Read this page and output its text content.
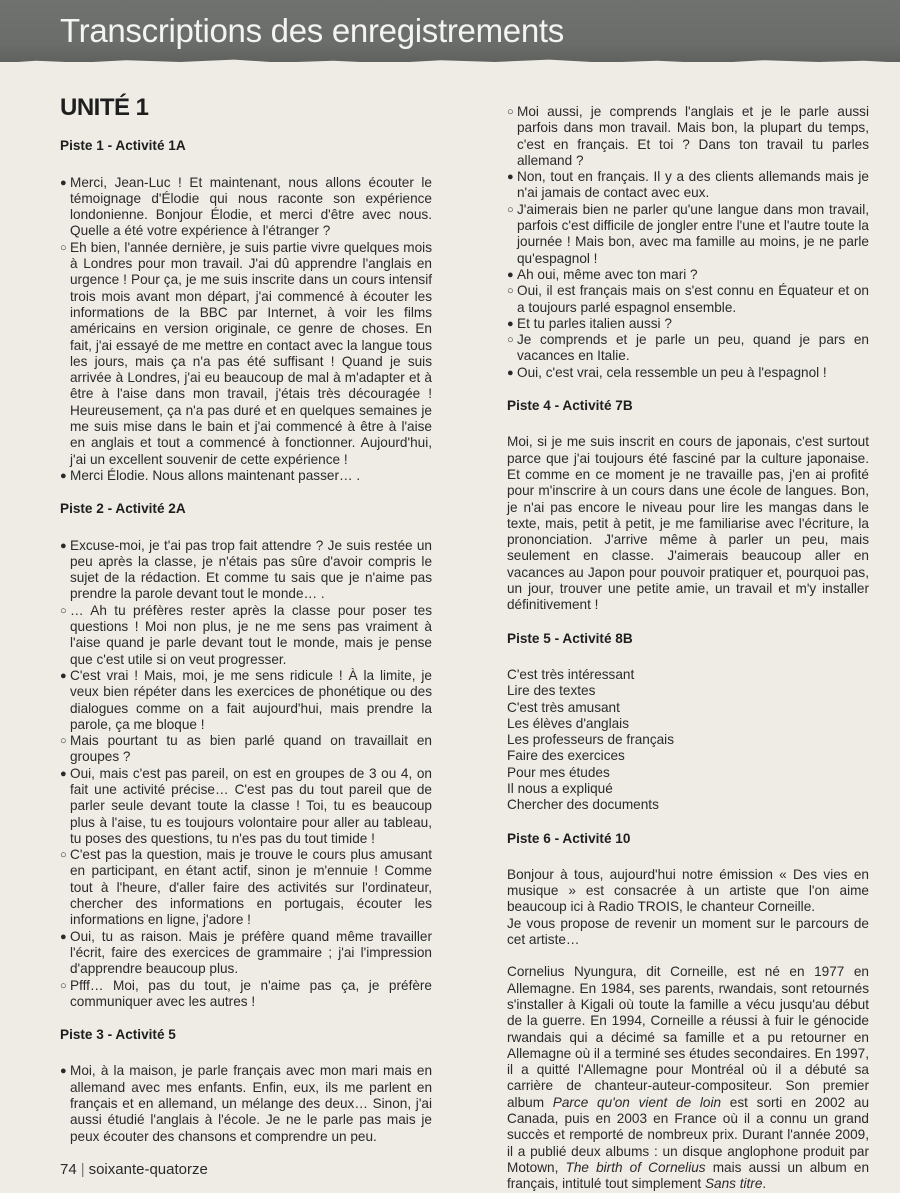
Transcriptions des enregistrements
UNITÉ 1
Piste 1 - Activité 1A
● Merci, Jean-Luc ! Et maintenant, nous allons écouter le témoignage d'Élodie qui nous raconte son expérience londonienne. Bonjour Élodie, et merci d'être avec nous. Quelle a été votre expérience à l'étranger ?
○ Eh bien, l'année dernière, je suis partie vivre quelques mois à Londres pour mon travail. J'ai dû apprendre l'anglais en urgence ! Pour ça, je me suis inscrite dans un cours intensif trois mois avant mon départ, j'ai commencé à écouter les informations de la BBC par Internet, à voir les films américains en version originale, ce genre de choses. En fait, j'ai essayé de me mettre en contact avec la langue tous les jours, mais ça n'a pas été suffisant ! Quand je suis arrivée à Londres, j'ai eu beaucoup de mal à m'adapter et à être à l'aise dans mon travail, j'étais très découragée ! Heureusement, ça n'a pas duré et en quelques semaines je me suis mise dans le bain et j'ai commencé à être à l'aise en anglais et tout a commencé à fonctionner. Aujourd'hui, j'ai un excellent souvenir de cette expérience !
● Merci Élodie. Nous allons maintenant passer… .
Piste 2 - Activité 2A
● Excuse-moi, je t'ai pas trop fait attendre ? Je suis restée un peu après la classe, je n'étais pas sûre d'avoir compris le sujet de la rédaction. Et comme tu sais que je n'aime pas prendre la parole devant tout le monde… .
○ … Ah tu préfères rester après la classe pour poser tes questions ! Moi non plus, je ne me sens pas vraiment à l'aise quand je parle devant tout le monde, mais je pense que c'est utile si on veut progresser.
● C'est vrai ! Mais, moi, je me sens ridicule ! À la limite, je veux bien répéter dans les exercices de phonétique ou des dialogues comme on a fait aujourd'hui, mais prendre la parole, ça me bloque !
○ Mais pourtant tu as bien parlé quand on travaillait en groupes ?
● Oui, mais c'est pas pareil, on est en groupes de 3 ou 4, on fait une activité précise… C'est pas du tout pareil que de parler seule devant toute la classe ! Toi, tu es beaucoup plus à l'aise, tu es toujours volontaire pour aller au tableau, tu poses des questions, tu n'es pas du tout timide !
○ C'est pas la question, mais je trouve le cours plus amusant en participant, en étant actif, sinon je m'ennuie ! Comme tout à l'heure, d'aller faire des activités sur l'ordinateur, chercher des informations en portugais, écouter les informations en ligne, j'adore !
● Oui, tu as raison. Mais je préfère quand même travailler l'écrit, faire des exercices de grammaire ; j'ai l'impression d'apprendre beaucoup plus.
○ Pfff… Moi, pas du tout, je n'aime pas ça, je préfère communiquer avec les autres !
Piste 3 - Activité 5
● Moi, à la maison, je parle français avec mon mari mais en allemand avec mes enfants. Enfin, eux, ils me parlent en français et en allemand, un mélange des deux… Sinon, j'ai aussi étudié l'anglais à l'école. Je ne le parle pas mais je peux écouter des chansons et comprendre un peu.
○ Moi aussi, je comprends l'anglais et je le parle aussi parfois dans mon travail. Mais bon, la plupart du temps, c'est en français. Et toi ? Dans ton travail tu parles allemand ?
● Non, tout en français. Il y a des clients allemands mais je n'ai jamais de contact avec eux.
○ J'aimerais bien ne parler qu'une langue dans mon travail, parfois c'est difficile de jongler entre l'une et l'autre toute la journée ! Mais bon, avec ma famille au moins, je ne parle qu'espagnol !
● Ah oui, même avec ton mari ?
○ Oui, il est français mais on s'est connu en Équateur et on a toujours parlé espagnol ensemble.
● Et tu parles italien aussi ?
○ Je comprends et je parle un peu, quand je pars en vacances en Italie.
● Oui, c'est vrai, cela ressemble un peu à l'espagnol !
Piste 4 - Activité 7B

Moi, si je me suis inscrit en cours de japonais, c'est surtout parce que j'ai toujours été fasciné par la culture japonaise. Et comme en ce moment je ne travaille pas, j'en ai profité pour m'inscrire à un cours dans une école de langues. Bon, je n'ai pas encore le niveau pour lire les mangas dans le texte, mais, petit à petit, je me familiarise avec l'écriture, la prononciation. J'arrive même à parler un peu, mais seulement en classe. J'aimerais beaucoup aller en vacances au Japon pour pouvoir pratiquer et, pourquoi pas, un jour, trouver une petite amie, un travail et m'y installer définitivement !

Piste 5 - Activité 8B
C'est très intéressant
Lire des textes
C'est très amusant
Les élèves d'anglais
Les professeurs de français
Faire des exercices
Pour mes études
Il nous a expliqué
Chercher des documents
Piste 6 - Activité 10

Bonjour à tous, aujourd'hui notre émission « Des vies en musique » est consacrée à un artiste que l'on aime beaucoup ici à Radio TROIS, le chanteur Corneille.
Je vous propose de revenir un moment sur le parcours de cet artiste…

Cornelius Nyungura, dit Corneille, est né en 1977 en Allemagne. En 1984, ses parents, rwandais, sont retournés s'installer à Kigali où toute la famille a vécu jusqu'au début de la guerre. En 1994, Corneille a réussi à fuir le génocide rwandais qui a décimé sa famille et a pu retourner en Allemagne où il a terminé ses études secondaires. En 1997, il a quitté l'Allemagne pour Montréal où il a débuté sa carrière de chanteur-auteur-compositeur. Son premier album Parce qu'on vient de loin est sorti en 2002 au Canada, puis en 2003 en France où il a connu un grand succès et remporté de nombreux prix. Durant l'année 2009, il a publié deux albums : un disque anglophone produit par Motown, The birth of Cornelius mais aussi un album en français, intitulé tout simplement Sans titre.

74 | soixante-quatorze
